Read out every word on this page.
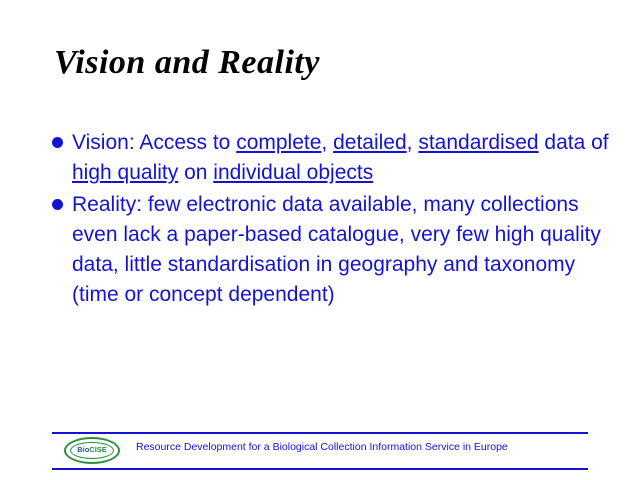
Vision and Reality
Vision: Access to complete, detailed, standardised data of high quality on individual objects
Reality: few electronic data available, many collections even lack a paper-based catalogue, very few high quality data, little standardisation in geography and taxonomy (time or concept dependent)
BioCISE	Resource Development for a Biological Collection Information Service in Europe
